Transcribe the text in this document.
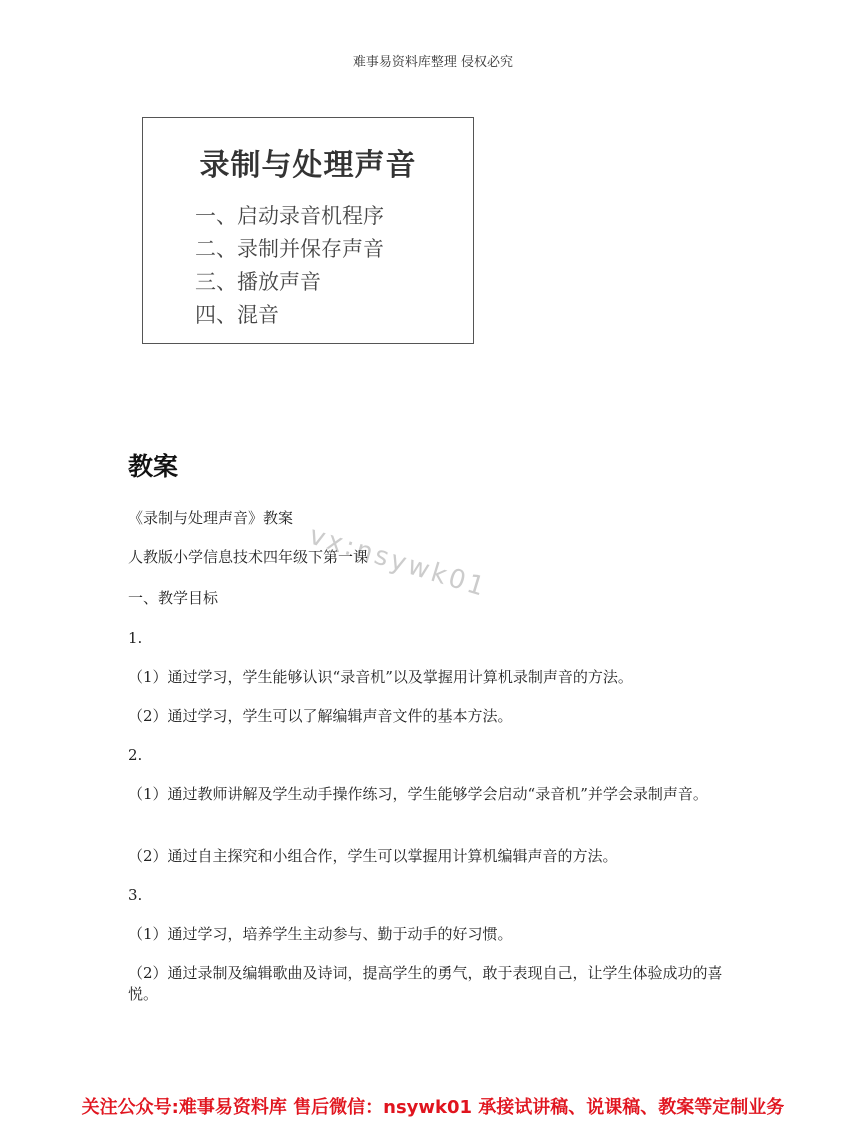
难事易资料库整理 侵权必究
录制与处理声音
一、启动录音机程序
二、录制并保存声音
三、播放声音
四、混音
教案
vx:nsywk01

《录制与处理声音》教案

人教版小学信息技术四年级下第一课

一、教学目标

1.

（1）通过学习，学生能够认识“录音机”以及掌握用计算机录制声音的方法。

（2）通过学习，学生可以了解编辑声音文件的基本方法。

2.

（1）通过教师讲解及学生动手操作练习，学生能够学会启动“录音机”并学会录制声音。

（2）通过自主探究和小组合作，学生可以掌握用计算机编辑声音的方法。

3.

（1）通过学习，培养学生主动参与、勤于动手的好习惯。

（2）通过录制及编辑歌曲及诗词，提高学生的勇气，敢于表现自己，让学生体验成功的喜悦。

关注公众号:难事易资料库 售后微信：nsywk01 承接试讲稿、说课稿、教案等定制业务
